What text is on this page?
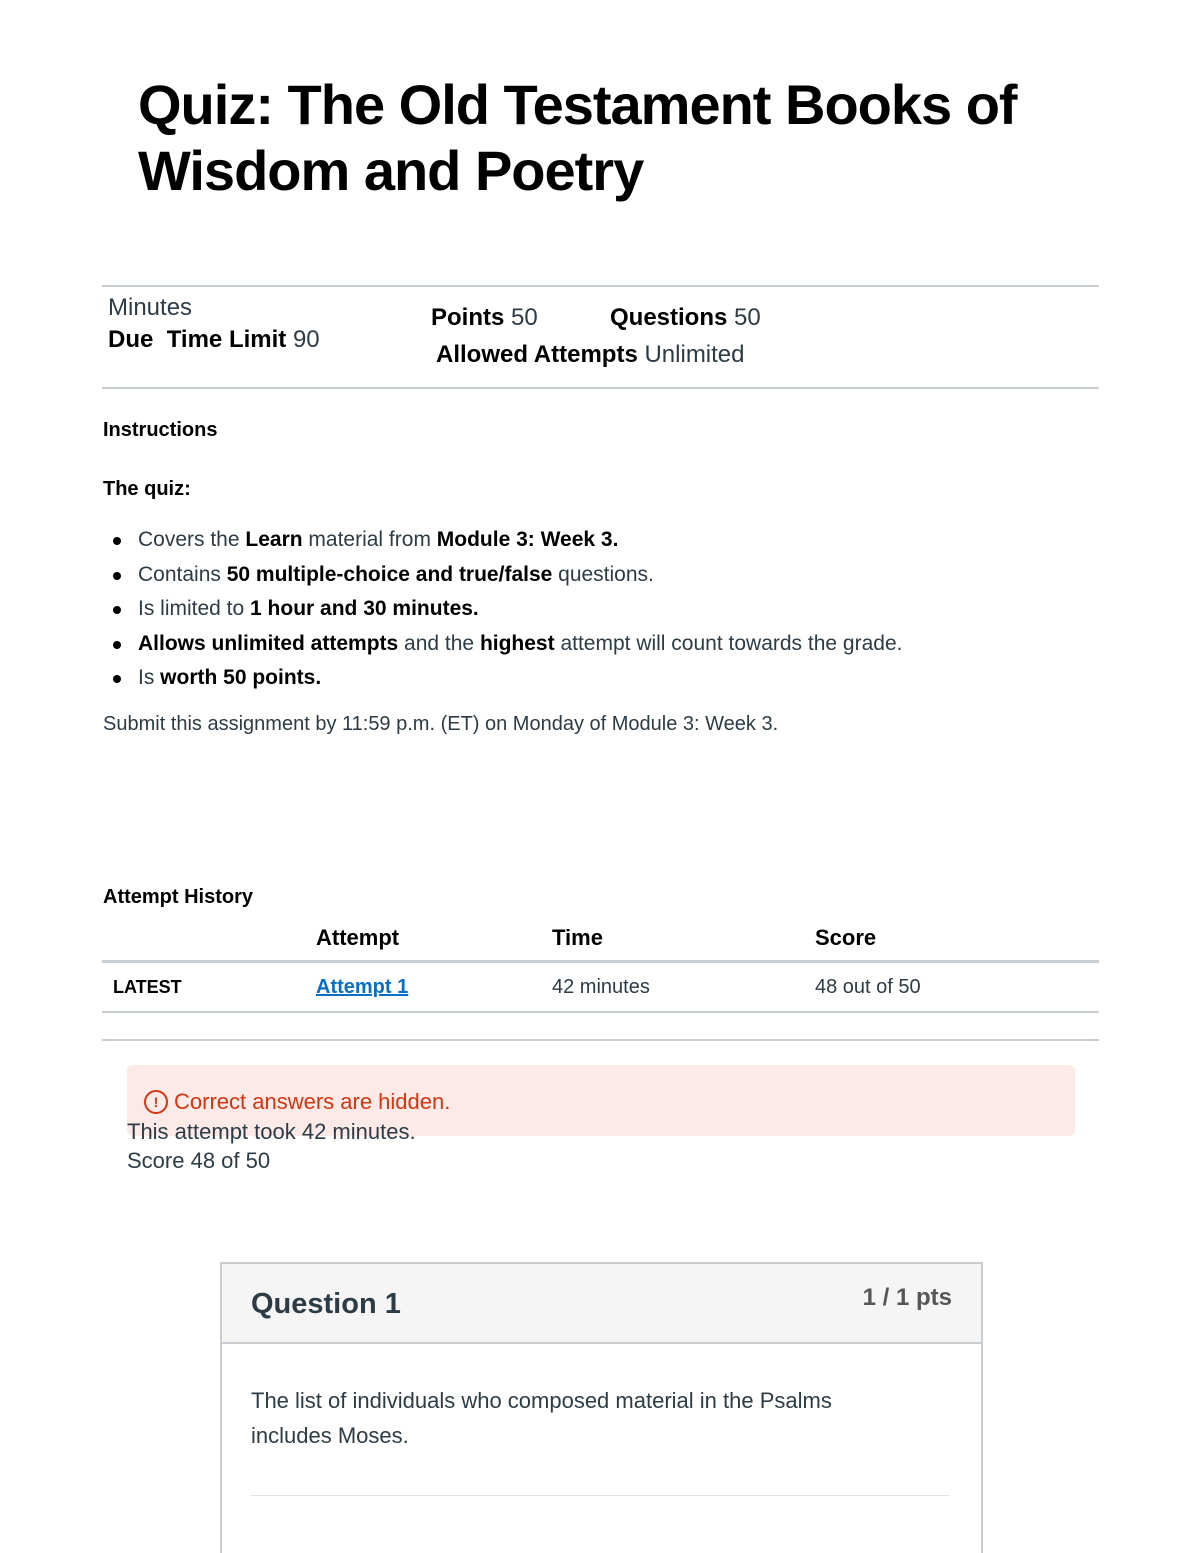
Quiz: The Old Testament Books of Wisdom and Poetry
Minutes
Due Time Limit 90
Points 50	Questions 50
Allowed Attempts Unlimited
Instructions
The quiz:
Covers the Learn material from Module 3: Week 3.
Contains 50 multiple-choice and true/false questions.
Is limited to 1 hour and 30 minutes.
Allows unlimited attempts and the highest attempt will count towards the grade.
Is worth 50 points.
Submit this assignment by 11:59 p.m. (ET) on Monday of Module 3: Week 3.
Attempt History
	Attempt	Time	Score
LATEST	Attempt 1	42 minutes	48 out of 50
! Correct answers are hidden.
This attempt took 42 minutes.
Score 48 of 50
Question 1	1 / 1 pts
The list of individuals who composed material in the Psalms includes Moses.
